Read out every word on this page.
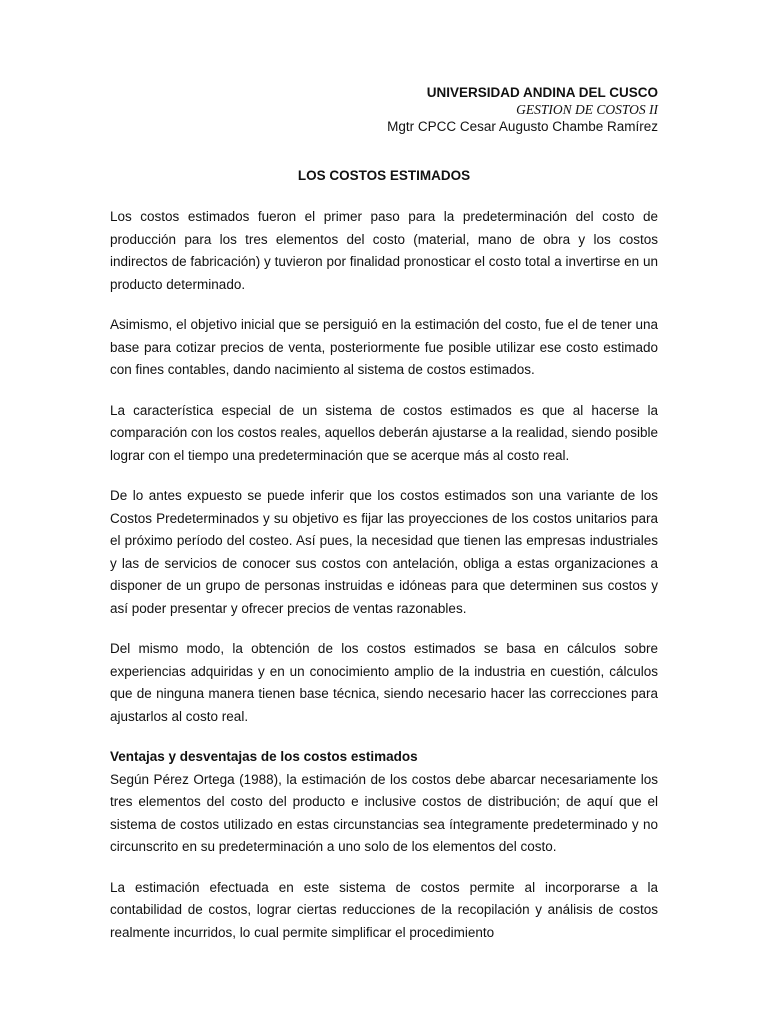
UNIVERSIDAD ANDINA DEL CUSCO
GESTION DE COSTOS II
Mgtr CPCC Cesar Augusto Chambe Ramírez
LOS COSTOS ESTIMADOS

Los costos estimados fueron el primer paso para la predeterminación del costo de producción para los tres elementos del costo (material, mano de obra y los costos indirectos de fabricación) y tuvieron por finalidad pronosticar el costo total a invertirse en un producto determinado.

Asimismo, el objetivo inicial que se persiguió en la estimación del costo, fue el de tener una base para cotizar precios de venta, posteriormente fue posible utilizar ese costo estimado con fines contables, dando nacimiento al sistema de costos estimados.

La característica especial de un sistema de costos estimados es que al hacerse la comparación con los costos reales, aquellos deberán ajustarse a la realidad, siendo posible lograr con el tiempo una predeterminación que se acerque más al costo real.

De lo antes expuesto se puede inferir que los costos estimados son una variante de los Costos Predeterminados y su objetivo es fijar las proyecciones de los costos unitarios para el próximo período del costeo. Así pues, la necesidad que tienen las empresas industriales y las de servicios de conocer sus costos con antelación, obliga a estas organizaciones a disponer de un grupo de personas instruidas e idóneas para que determinen sus costos y así poder presentar y ofrecer precios de ventas razonables.

Del mismo modo, la obtención de los costos estimados se basa en cálculos sobre experiencias adquiridas y en un conocimiento amplio de la industria en cuestión, cálculos que de ninguna manera tienen base técnica, siendo necesario hacer las correcciones para ajustarlos al costo real.

Ventajas y desventajas de los costos estimados

Según Pérez Ortega (1988), la estimación de los costos debe abarcar necesariamente los tres elementos del costo del producto e inclusive costos de distribución; de aquí que el sistema de costos utilizado en estas circunstancias sea íntegramente predeterminado y no circunscrito en su predeterminación a uno solo de los elementos del costo.

La estimación efectuada en este sistema de costos permite al incorporarse a la contabilidad de costos, lograr ciertas reducciones de la recopilación y análisis de costos realmente incurridos, lo cual permite simplificar el procedimiento
